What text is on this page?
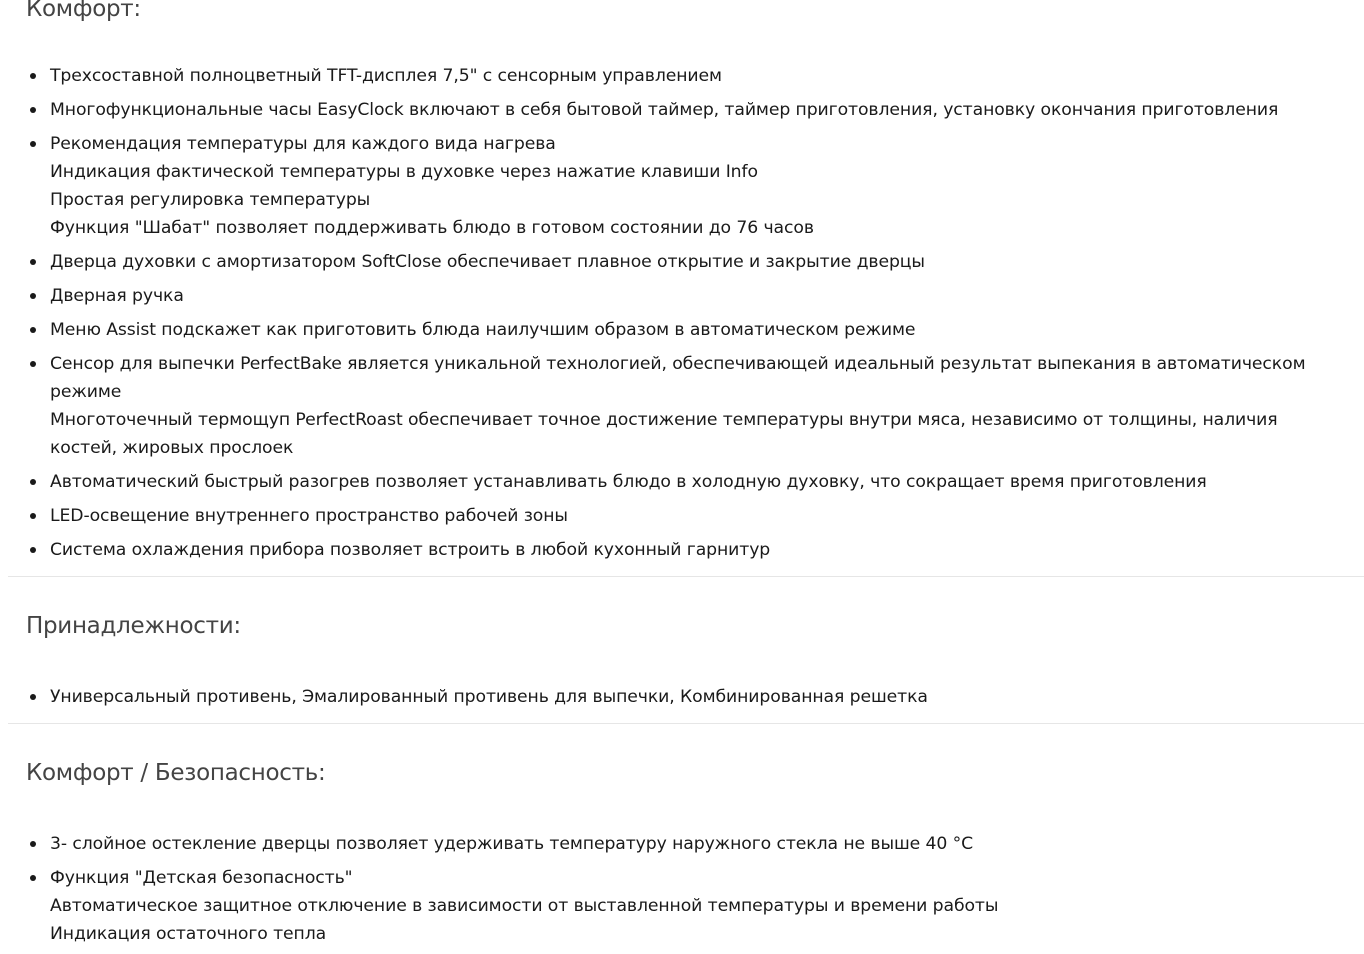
Комфорт:
Трехсоставной полноцветный TFT-дисплея 7,5" с сенсорным управлением
Многофункциональные часы EasyClock включают в себя бытовой таймер, таймер приготовления, установку окончания приготовления
Рекомендация температуры для каждого вида нагрева
Индикация фактической температуры в духовке через нажатие клавиши Info
Простая регулировка температуры
Функция "Шабат" позволяет поддерживать блюдо в готовом состоянии до 76 часов
Дверца духовки с амортизатором SoftClose обеспечивает плавное открытие и закрытие дверцы
Дверная ручка
Меню Assist подскажет как приготовить блюда наилучшим образом в автоматическом режиме
Сенсор для выпечки PerfectBake является уникальной технологией, обеспечивающей идеальный результат выпекания в автоматическом
режиме
Многоточечный термощуп PerfectRoast обеспечивает точное достижение температуры внутри мяса, независимо от толщины, наличия
костей, жировых прослоек
Автоматический быстрый разогрев позволяет устанавливать блюдо в холодную духовку, что сокращает время приготовления
LED-освещение внутреннего пространство рабочей зоны
Система охлаждения прибора позволяет встроить в любой кухонный гарнитур
Принадлежности:
Универсальный противень, Эмалированный противень для выпечки, Комбинированная решетка
Комфорт / Безопасность:
3- слойное остекление дверцы позволяет удерживать температуру наружного стекла не выше 40 °C
Функция "Детская безопасность"
Автоматическое защитное отключение в зависимости от выставленной температуры и времени работы
Индикация остаточного тепла
